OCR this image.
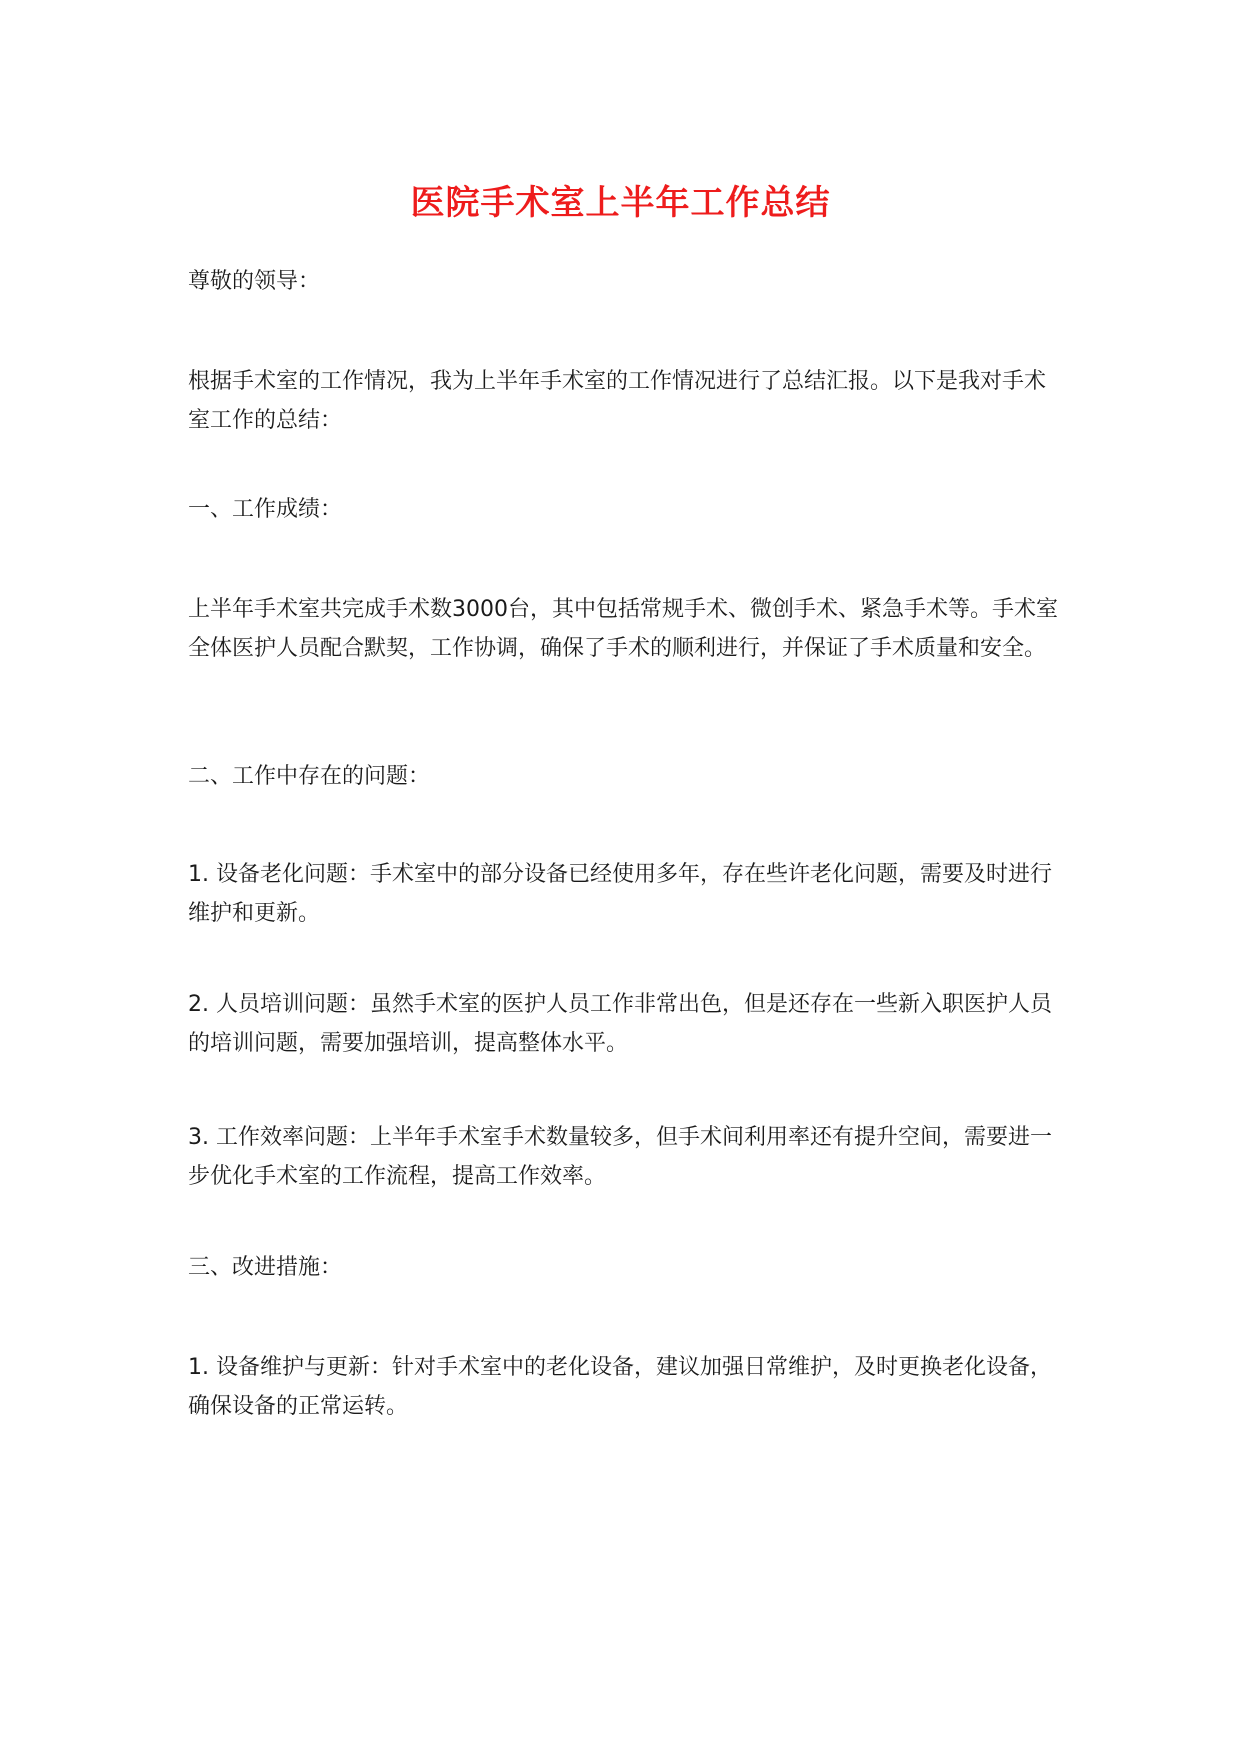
医院手术室上半年工作总结
尊敬的领导：
根据手术室的工作情况，我为上半年手术室的工作情况进行了总结汇报。以下是我对手术室工作的总结：
一、工作成绩：
上半年手术室共完成手术数3000台，其中包括常规手术、微创手术、紧急手术等。手术室全体医护人员配合默契，工作协调，确保了手术的顺利进行，并保证了手术质量和安全。
二、工作中存在的问题：
1. 设备老化问题：手术室中的部分设备已经使用多年，存在些许老化问题，需要及时进行维护和更新。
2. 人员培训问题：虽然手术室的医护人员工作非常出色，但是还存在一些新入职医护人员的培训问题，需要加强培训，提高整体水平。
3. 工作效率问题：上半年手术室手术数量较多，但手术间利用率还有提升空间，需要进一步优化手术室的工作流程，提高工作效率。
三、改进措施：
1. 设备维护与更新：针对手术室中的老化设备，建议加强日常维护，及时更换老化设备，确保设备的正常运转。
